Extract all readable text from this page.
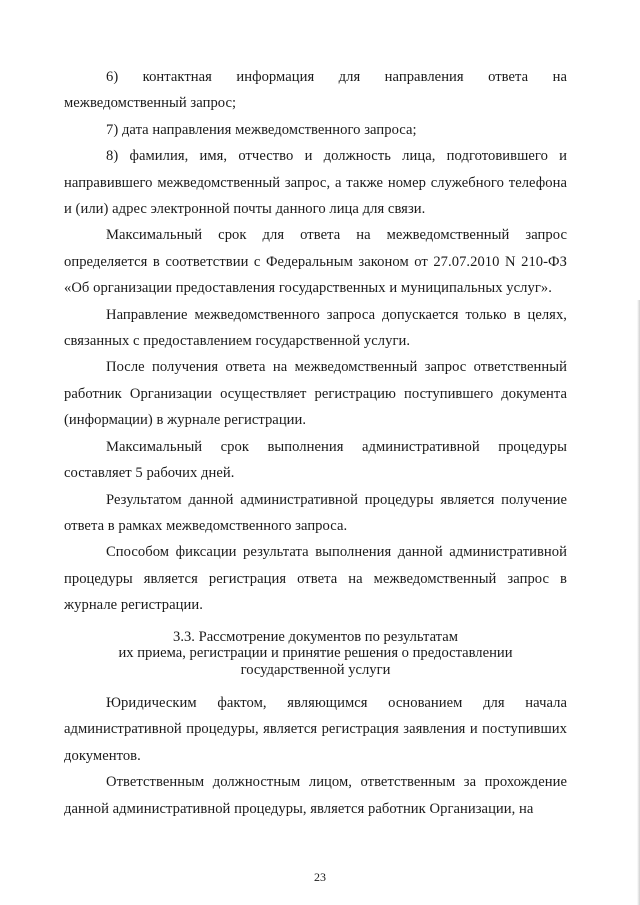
6) контактная информация для направления ответа на межведомственный запрос;

7) дата направления межведомственного запроса;

8) фамилия, имя, отчество и должность лица, подготовившего и направившего межведомственный запрос, а также номер служебного телефона и (или) адрес электронной почты данного лица для связи.

Максимальный срок для ответа на межведомственный запрос определяется в соответствии с Федеральным законом от 27.07.2010 N 210-ФЗ «Об организации предоставления государственных и муниципальных услуг».

Направление межведомственного запроса допускается только в целях, связанных с предоставлением государственной услуги.

После получения ответа на межведомственный запрос ответственный работник Организации осуществляет регистрацию поступившего документа (информации) в журнале регистрации.

Максимальный срок выполнения административной процедуры составляет 5 рабочих дней.

Результатом данной административной процедуры является получение ответа в рамках межведомственного запроса.

Способом фиксации результата выполнения данной административной процедуры является регистрация ответа на межведомственный запрос в журнале регистрации.

3.3. Рассмотрение документов по результатам
их приема, регистрации и принятие решения о предоставлении
государственной услуги

Юридическим фактом, являющимся основанием для начала административной процедуры, является регистрация заявления и поступивших документов.

Ответственным должностным лицом, ответственным за прохождение данной административной процедуры, является работник Организации, на

23
